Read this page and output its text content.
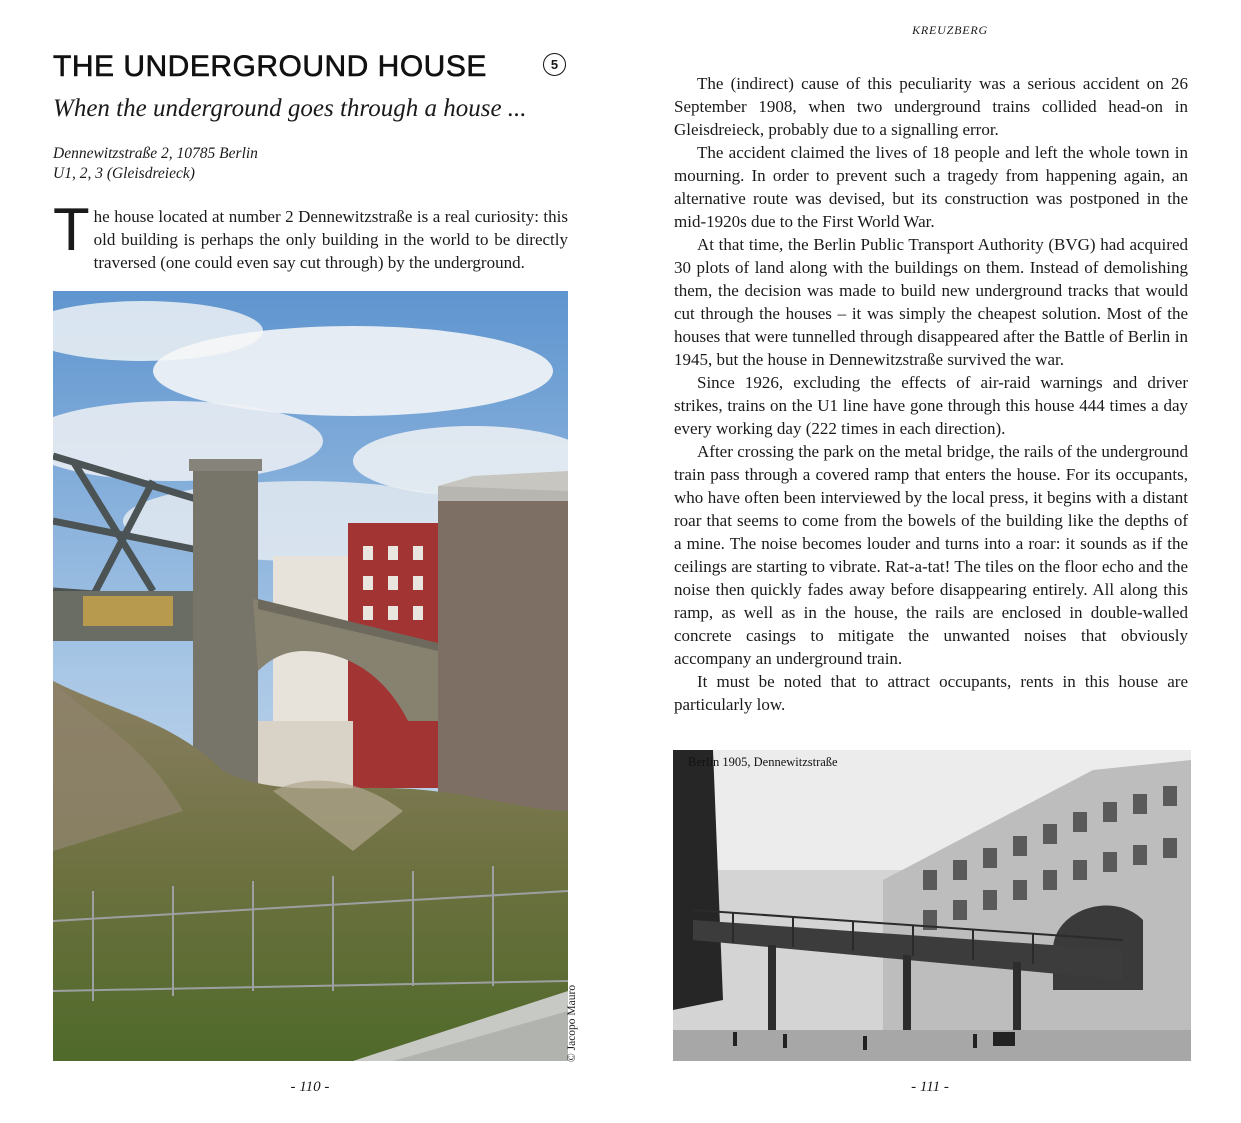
THE UNDERGROUND HOUSE	5
When the underground goes through a house ...
Dennewitzstraße 2, 10785 Berlin
U1, 2, 3 (Gleisdreieck)

The house located at number 2 Dennewitzstraße is a real curiosity: this old building is perhaps the only building in the world to be directly traversed (one could even say cut through) by the underground.

© Jacopo Mauro
- 110 -
KREUZBERG

The (indirect) cause of this peculiarity was a serious accident on 26 September 1908, when two underground trains collided head-on in Gleisdreieck, probably due to a signalling error.

The accident claimed the lives of 18 people and left the whole town in mourning. In order to prevent such a tragedy from happening again, an alternative route was devised, but its construction was postponed in the mid-1920s due to the First World War.

At that time, the Berlin Public Transport Authority (BVG) had acquired 30 plots of land along with the buildings on them. Instead of demolishing them, the decision was made to build new underground tracks that would cut through the houses – it was simply the cheapest solution. Most of the houses that were tunnelled through disappeared after the Battle of Berlin in 1945, but the house in Dennewitzstraße survived the war.

Since 1926, excluding the effects of air-raid warnings and driver strikes, trains on the U1 line have gone through this house 444 times a day every working day (222 times in each direction).

After crossing the park on the metal bridge, the rails of the underground train pass through a covered ramp that enters the house. For its occupants, who have often been interviewed by the local press, it begins with a distant roar that seems to come from the bowels of the building like the depths of a mine. The noise becomes louder and turns into a roar: it sounds as if the ceilings are starting to vibrate. Rat-a-tat! The tiles on the floor echo and the noise then quickly fades away before disappearing entirely. All along this ramp, as well as in the house, the rails are enclosed in double-walled concrete casings to mitigate the unwanted noises that obviously accompany an underground train.

It must be noted that to attract occupants, rents in this house are particularly low.

Berlin 1905, Dennewitzstraße
- 111 -
